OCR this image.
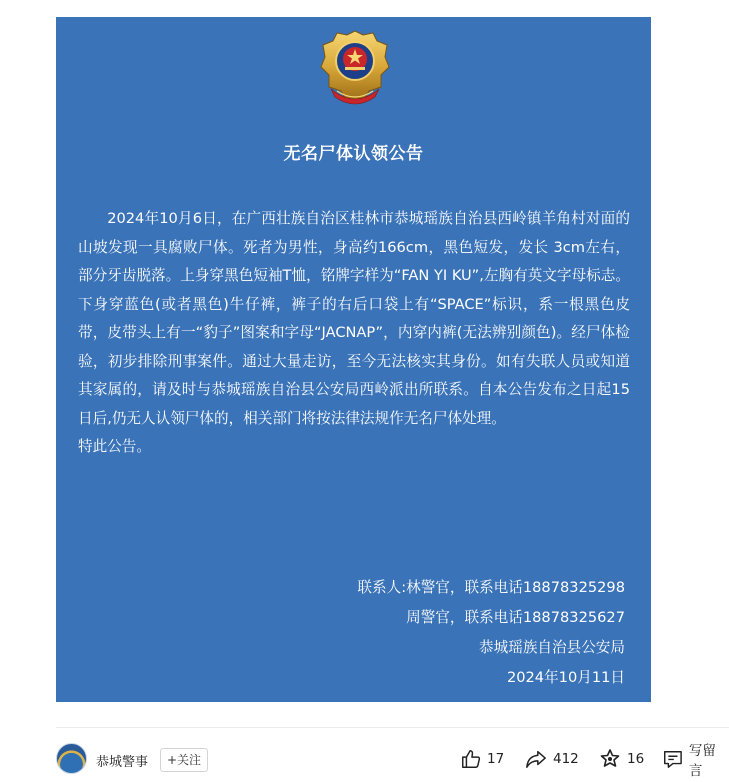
无名尸体认领公告

2024年10月6日，在广西壮族自治区桂林市恭城瑶族自治县西岭镇羊角村对面的山坡发现一具腐败尸体。死者为男性，身高约166cm，黑色短发，发长 3cm左右，部分牙齿脱落。上身穿黑色短袖T恤，铭牌字样为“FAN YI KU”,左胸有英文字母标志。下身穿蓝色(或者黑色)牛仔裤，裤子的右后口袋上有“SPACE”标识，系一根黑色皮带，皮带头上有一“豹子”图案和字母“JACNAP”，内穿内裤(无法辨别颜色)。经尸体检验，初步排除刑事案件。通过大量走访，至今无法核实其身份。如有失联人员或知道其家属的，请及时与恭城瑶族自治县公安局西岭派出所联系。自本公告发布之日起15日后,仍无人认领尸体的，相关部门将按法律法规作无名尸体处理。

特此公告。

联系人:林警官，联系电话18878325298
周警官，联系电话18878325627
恭城瑶族自治县公安局
2024年10月11日
恭城警事	+关注	17	412	16	写留言
